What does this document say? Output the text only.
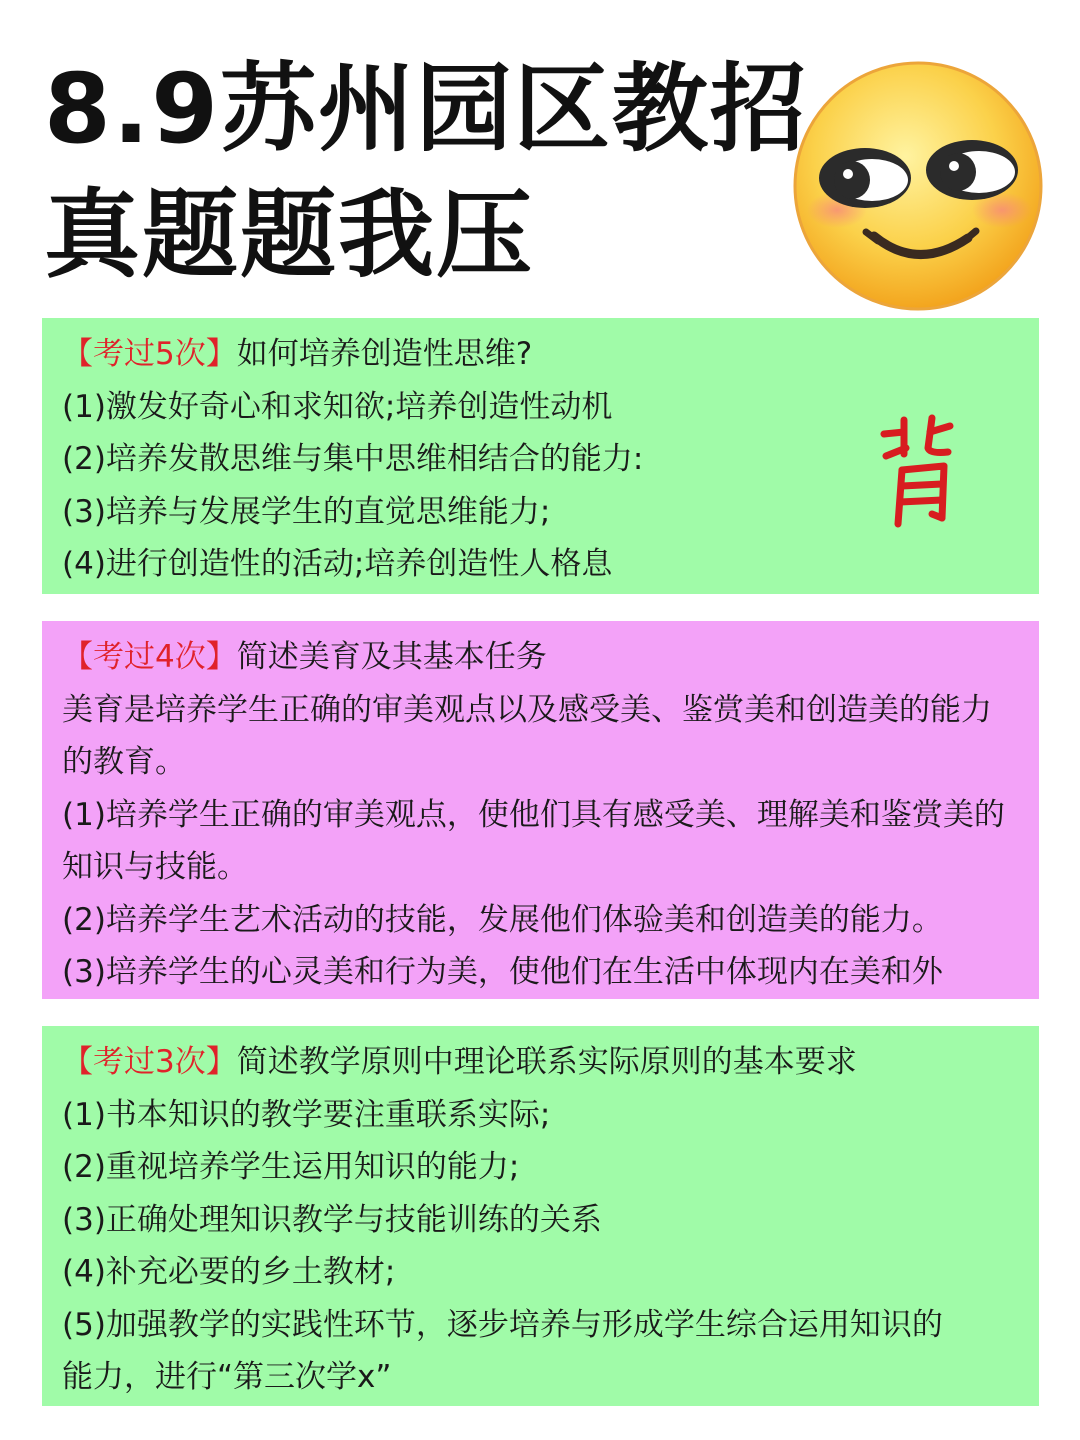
8.9苏州园区教招
真题题我压

【考过5次】如何培养创造性思维?

(1)激发好奇心和求知欲;培养创造性动机

(2)培养发散思维与集中思维相结合的能力:

(3)培养与发展学生的直觉思维能力;

(4)进行创造性的活动;培养创造性人格息

【考过4次】简述美育及其基本任务

美育是培养学生正确的审美观点以及感受美、鉴赏美和创造美的能力的教育。

(1)培养学生正确的审美观点，使他们具有感受美、理解美和鉴赏美的知识与技能。

(2)培养学生艺术活动的技能，发展他们体验美和创造美的能力。

(3)培养学生的心灵美和行为美，使他们在生活中体现内在美和外

【考过3次】简述教学原则中理论联系实际原则的基本要求

(1)书本知识的教学要注重联系实际;

(2)重视培养学生运用知识的能力;

(3)正确处理知识教学与技能训练的关系

(4)补充必要的乡土教材;

(5)加强教学的实践性环节，逐步培养与形成学生综合运用知识的能力，进行“第三次学x”
